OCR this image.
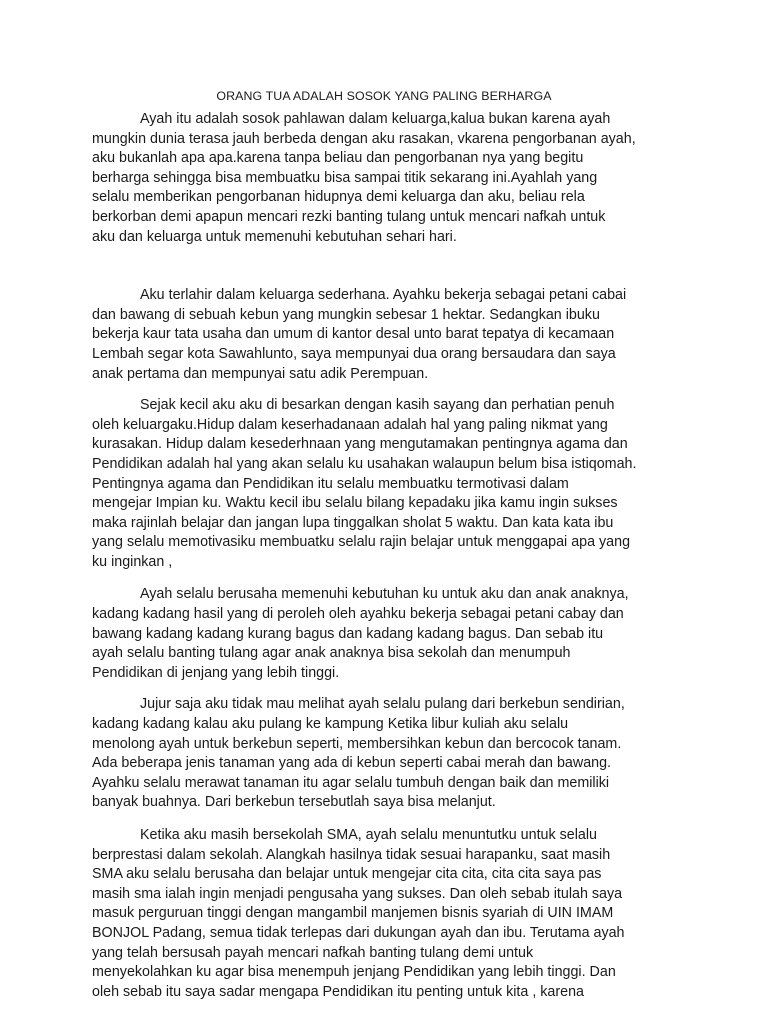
ORANG TUA ADALAH SOSOK YANG PALING BERHARGA

Ayah itu adalah sosok pahlawan dalam keluarga,kalua bukan karena ayah
mungkin dunia terasa jauh berbeda dengan aku rasakan, vkarena pengorbanan ayah,
aku bukanlah apa apa.karena tanpa beliau dan pengorbanan nya yang begitu
berharga sehingga bisa membuatku bisa sampai titik sekarang ini.Ayahlah yang
selalu memberikan pengorbanan hidupnya demi keluarga dan aku, beliau rela
berkorban demi apapun mencari rezki banting tulang untuk mencari nafkah untuk
aku dan keluarga untuk memenuhi kebutuhan sehari hari.

Aku terlahir dalam keluarga sederhana. Ayahku bekerja sebagai petani cabai
dan bawang di sebuah kebun yang mungkin sebesar 1 hektar. Sedangkan ibuku
bekerja kaur tata usaha dan umum di kantor desal unto barat tepatya di kecamaan
Lembah segar kota Sawahlunto, saya mempunyai dua orang bersaudara dan saya
anak pertama dan mempunyai satu adik Perempuan.

Sejak kecil aku aku di besarkan dengan kasih sayang dan perhatian penuh
oleh keluargaku.Hidup dalam keserhadanaan adalah hal yang paling nikmat yang
kurasakan. Hidup dalam kesederhnaan yang mengutamakan pentingnya agama dan
Pendidikan adalah hal yang akan selalu ku usahakan walaupun belum bisa istiqomah.
Pentingnya agama dan Pendidikan itu selalu membuatku termotivasi dalam
mengejar Impian ku. Waktu kecil ibu selalu bilang kepadaku jika kamu ingin sukses
maka rajinlah belajar dan jangan lupa tinggalkan sholat 5 waktu. Dan kata kata ibu
yang selalu memotivasiku membuatku selalu rajin belajar untuk menggapai apa yang
ku inginkan ,

Ayah selalu berusaha memenuhi kebutuhan ku untuk aku dan anak anaknya,
kadang kadang hasil yang di peroleh oleh ayahku bekerja sebagai petani cabay dan
bawang kadang kadang kurang bagus dan kadang kadang bagus. Dan sebab itu
ayah selalu banting tulang agar anak anaknya bisa sekolah dan menumpuh
Pendidikan di jenjang yang lebih tinggi.

Jujur saja aku tidak mau melihat ayah selalu pulang dari berkebun sendirian,
kadang kadang kalau aku pulang ke kampung Ketika libur kuliah aku selalu
menolong ayah untuk berkebun seperti, membersihkan kebun dan bercocok tanam.
Ada beberapa jenis tanaman yang ada di kebun seperti cabai merah dan bawang.
Ayahku selalu merawat tanaman itu agar selalu tumbuh dengan baik dan memiliki
banyak buahnya. Dari berkebun tersebutlah saya bisa melanjut.

Ketika aku masih bersekolah SMA, ayah selalu menuntutku untuk selalu
berprestasi dalam sekolah. Alangkah hasilnya tidak sesuai harapanku, saat masih
SMA aku selalu berusaha dan belajar untuk mengejar cita cita, cita cita saya pas
masih sma ialah ingin menjadi pengusaha yang sukses. Dan oleh sebab itulah saya
masuk perguruan tinggi dengan mangambil manjemen bisnis syariah di UIN IMAM
BONJOL Padang, semua tidak terlepas dari dukungan ayah dan ibu. Terutama ayah
yang telah bersusah payah mencari nafkah banting tulang demi untuk
menyekolahkan ku agar bisa menempuh jenjang Pendidikan yang lebih tinggi. Dan
oleh sebab itu saya sadar mengapa Pendidikan itu penting untuk kita , karena
